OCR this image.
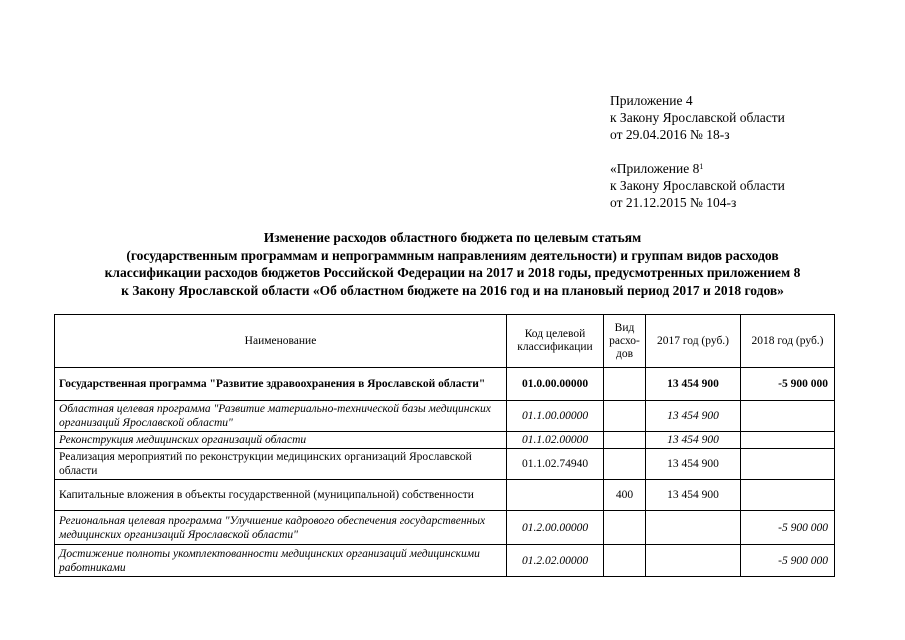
Приложение 4
к Закону Ярославской области
от 29.04.2016 № 18-з
«Приложение $8^1$
к Закону Ярославской области
от 21.12.2015 № 104-з
Изменение расходов областного бюджета по целевым статьям
(государственным программам и непрограммным направлениям деятельности) и группам видов расходов
классификации расходов бюджетов Российской Федерации на 2017 и 2018 годы, предусмотренных приложением 8
к Закону Ярославской области «Об областном бюджете на 2016 год и на плановый период 2017 и 2018 годов»
Наименование	Код целевой классификации	Вид расхо-дов	2017 год (руб.)	2018 год (руб.)
Государственная программа "Развитие здравоохранения в Ярославской области"	01.0.00.00000		13 454 900	-5 900 000
Областная целевая программа "Развитие материально-технической базы медицинских организаций Ярославской области"	01.1.00.00000		13 454 900	
Реконструкция медицинских организаций области	01.1.02.00000		13 454 900	
Реализация мероприятий по реконструкции медицинских организаций Ярославской области	01.1.02.74940		13 454 900	
Капитальные вложения в объекты государственной (муниципальной) собственности		400	13 454 900	
Региональная целевая программа "Улучшение кадрового обеспечения государственных медицинских организаций Ярославской области"	01.2.00.00000			-5 900 000
Достижение полноты укомплектованности медицинских организаций медицинскими работниками	01.2.02.00000			-5 900 000
